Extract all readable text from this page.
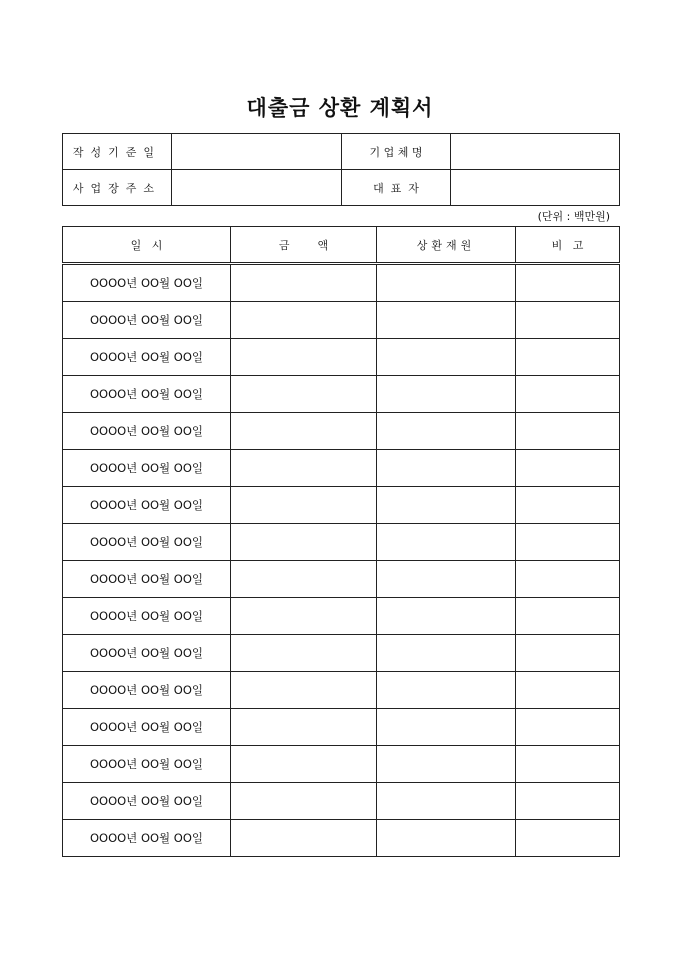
대출금 상환 계획서
작성기준일		기 업 체 명	
사업장주소		대  표  자	
(단위 : 백만원)
일   시	금        액	상환재원	비   고
OOOO년 OO월 OO일			
OOOO년 OO월 OO일			
OOOO년 OO월 OO일			
OOOO년 OO월 OO일			
OOOO년 OO월 OO일			
OOOO년 OO월 OO일			
OOOO년 OO월 OO일			
OOOO년 OO월 OO일			
OOOO년 OO월 OO일			
OOOO년 OO월 OO일			
OOOO년 OO월 OO일			
OOOO년 OO월 OO일			
OOOO년 OO월 OO일			
OOOO년 OO월 OO일			
OOOO년 OO월 OO일			
OOOO년 OO월 OO일			
